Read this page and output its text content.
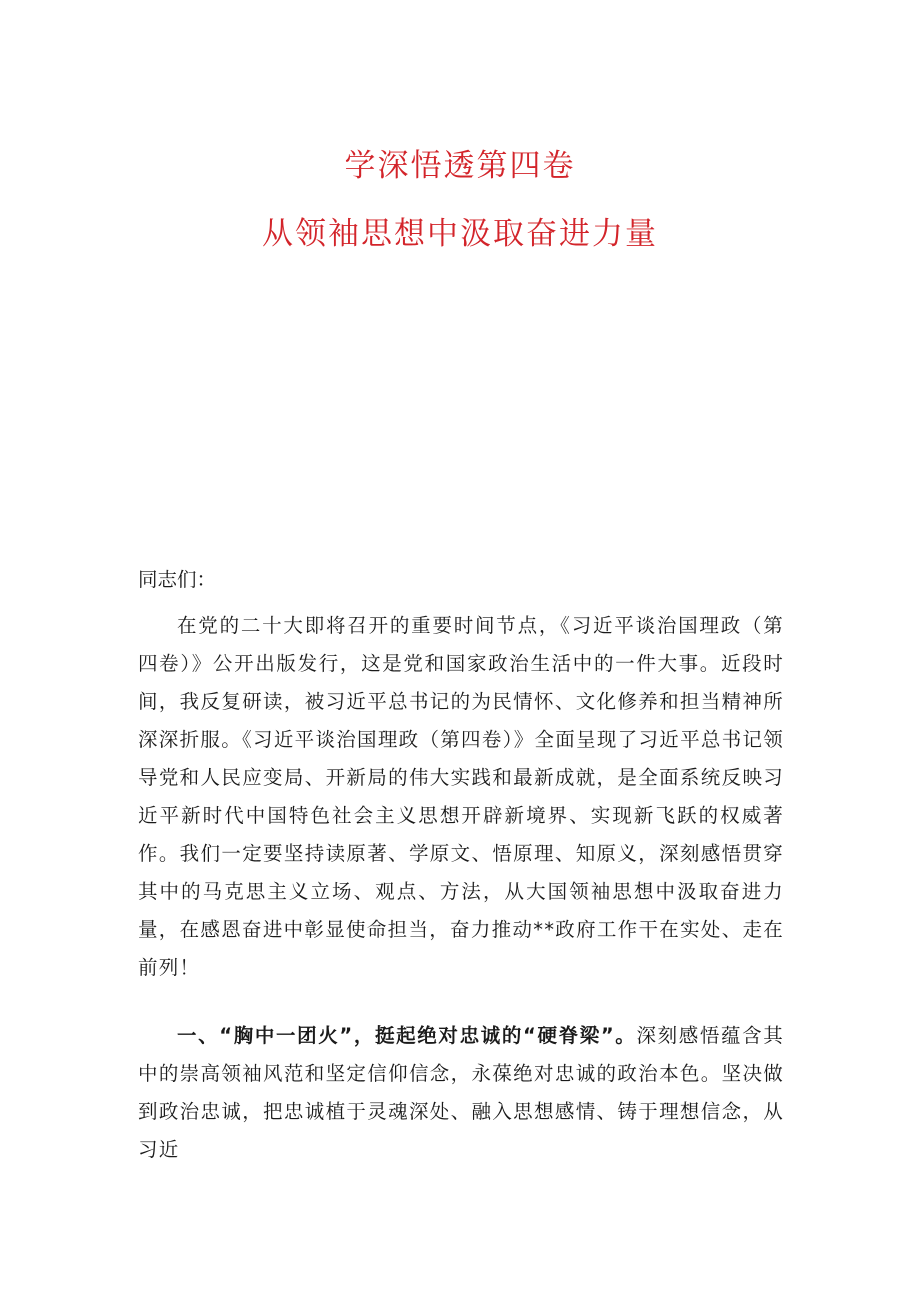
学深悟透第四卷
从领袖思想中汲取奋进力量

同志们：

在党的二十大即将召开的重要时间节点，《习近平谈治国理政（第四卷）》公开出版发行，这是党和国家政治生活中的一件大事。近段时间，我反复研读，被习近平总书记的为民情怀、文化修养和担当精神所深深折服。《习近平谈治国理政（第四卷）》全面呈现了习近平总书记领导党和人民应变局、开新局的伟大实践和最新成就，是全面系统反映习近平新时代中国特色社会主义思想开辟新境界、实现新飞跃的权威著作。我们一定要坚持读原著、学原文、悟原理、知原义，深刻感悟贯穿其中的马克思主义立场、观点、方法，从大国领袖思想中汲取奋进力量，在感恩奋进中彰显使命担当，奋力推动**政府工作干在实处、走在前列！

一、“胸中一团火”，挺起绝对忠诚的“硬脊梁”。深刻感悟蕴含其中的崇高领袖风范和坚定信仰信念，永葆绝对忠诚的政治本色。坚决做到政治忠诚，把忠诚植于灵魂深处、融入思想感情、铸于理想信念，从习近
